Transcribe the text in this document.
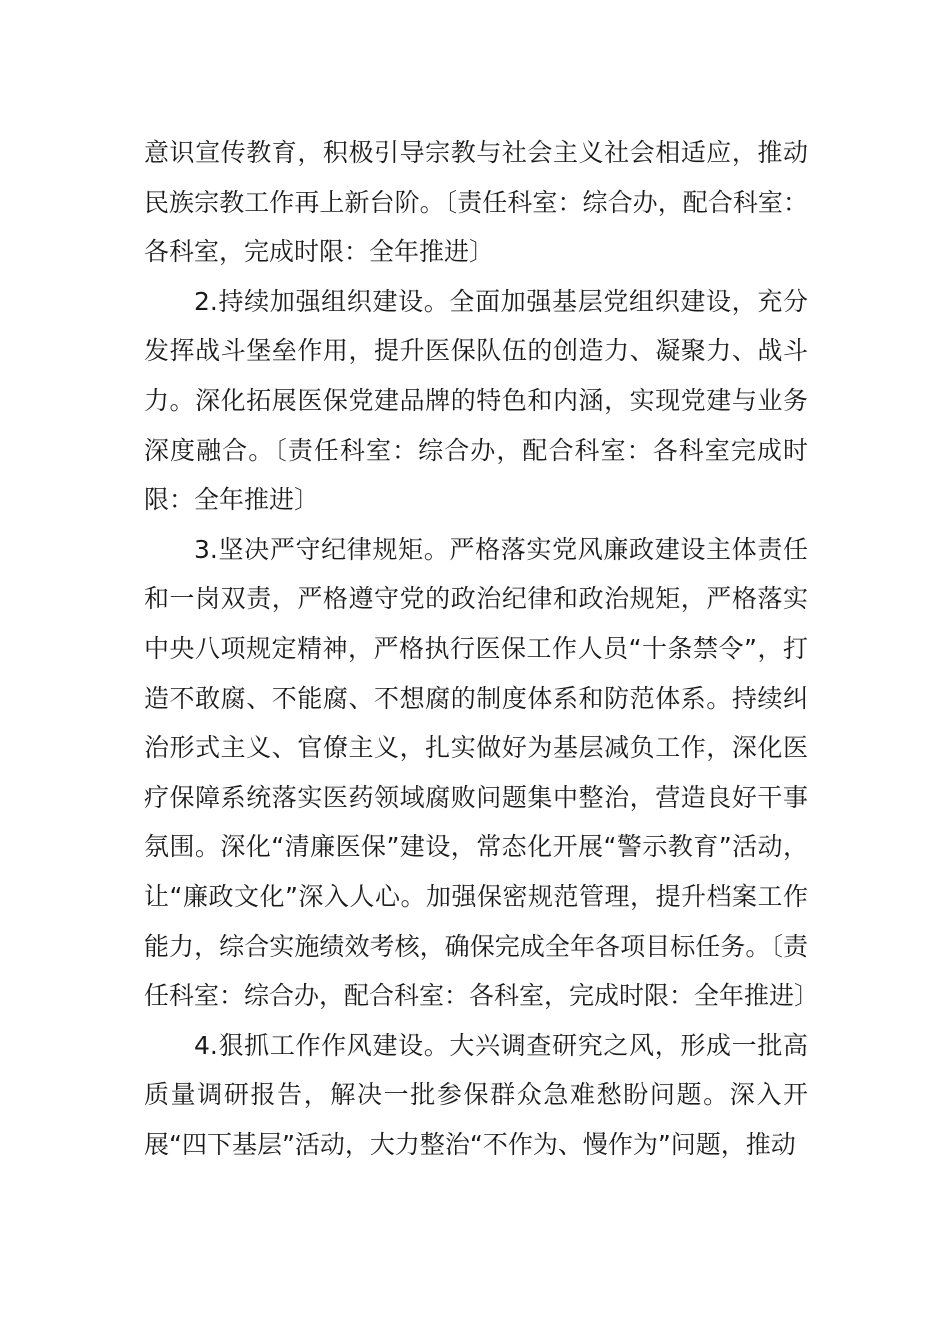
意识宣传教育，积极引导宗教与社会主义社会相适应，推动民族宗教工作再上新台阶。〔责任科室：综合办，配合科室：各科室，完成时限：全年推进〕

2.持续加强组织建设。全面加强基层党组织建设，充分发挥战斗堡垒作用，提升医保队伍的创造力、凝聚力、战斗力。深化拓展医保党建品牌的特色和内涵，实现党建与业务深度融合。〔责任科室：综合办，配合科室：各科室完成时限：全年推进〕

3.坚决严守纪律规矩。严格落实党风廉政建设主体责任和一岗双责，严格遵守党的政治纪律和政治规矩，严格落实中央八项规定精神，严格执行医保工作人员“十条禁令”，打造不敢腐、不能腐、不想腐的制度体系和防范体系。持续纠治形式主义、官僚主义，扎实做好为基层减负工作，深化医疗保障系统落实医药领域腐败问题集中整治，营造良好干事氛围。深化“清廉医保”建设，常态化开展“警示教育”活动，让“廉政文化”深入人心。加强保密规范管理，提升档案工作能力，综合实施绩效考核，确保完成全年各项目标任务。〔责任科室：综合办，配合科室：各科室，完成时限：全年推进〕

4.狠抓工作作风建设。大兴调查研究之风，形成一批高质量调研报告，解决一批参保群众急难愁盼问题。深入开展“四下基层”活动，大力整治“不作为、慢作为”问题，推动
